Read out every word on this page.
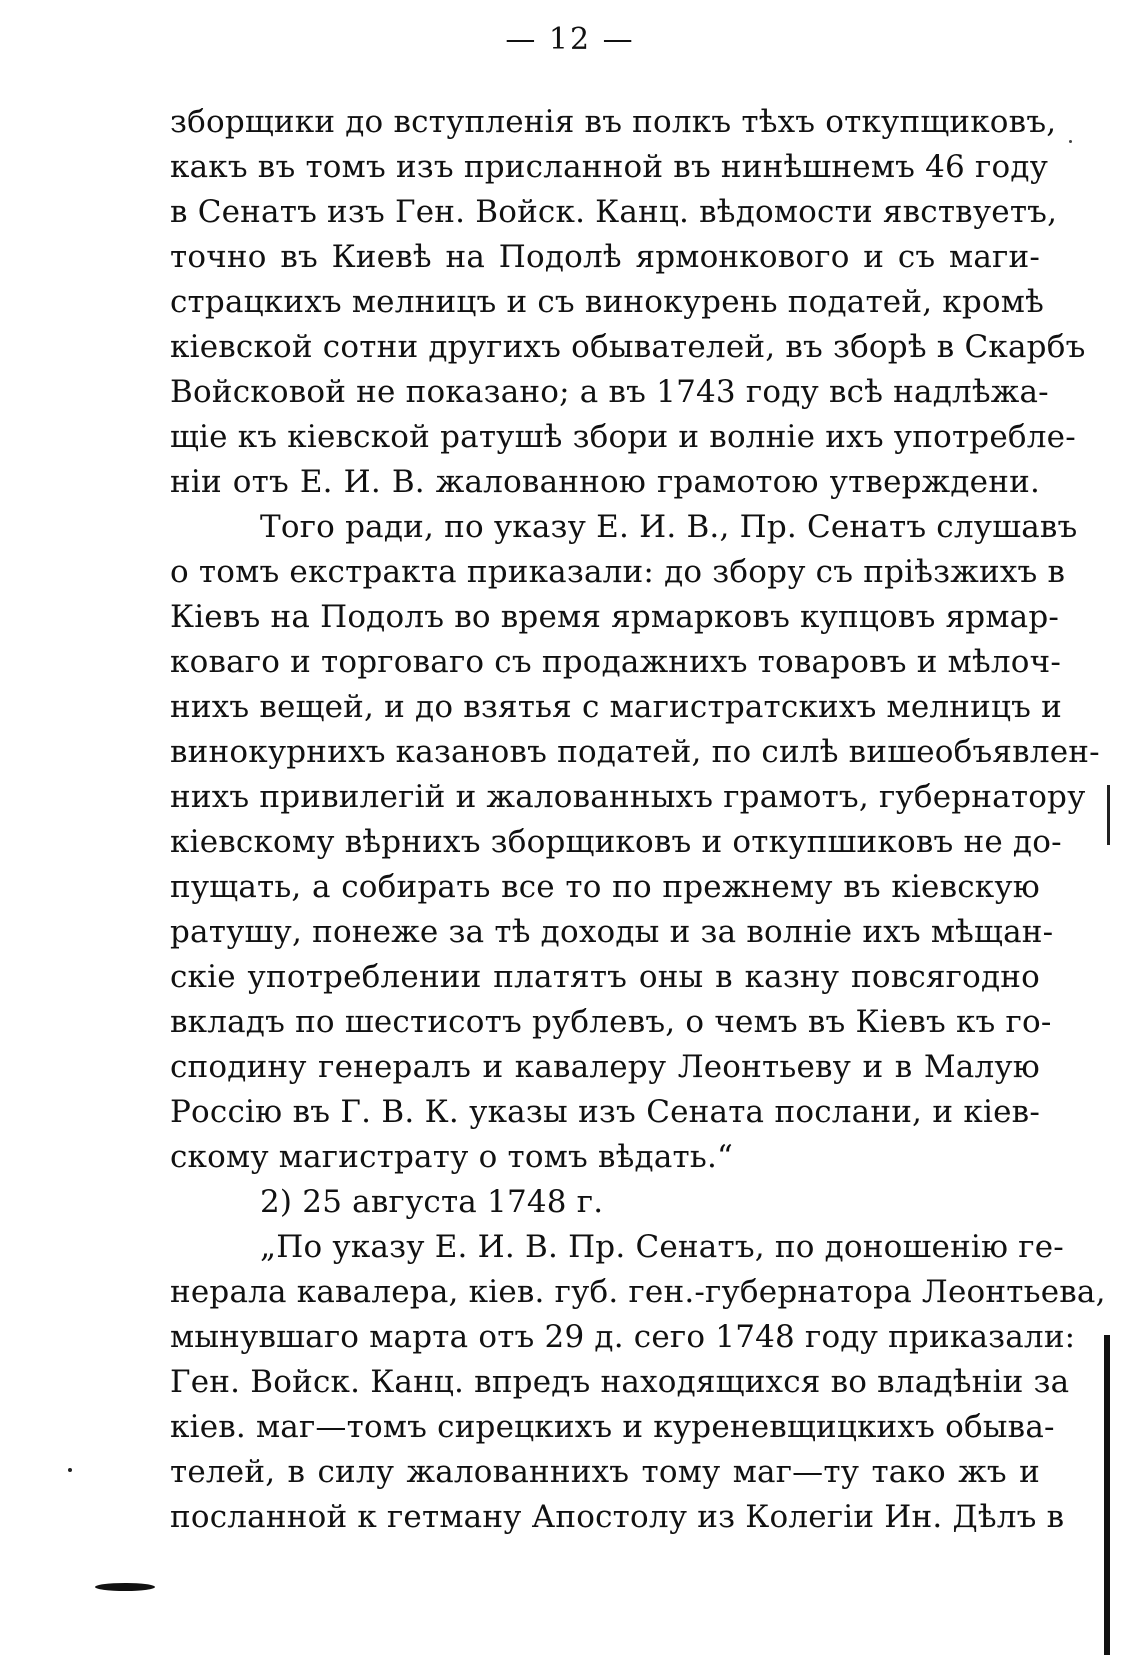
— 12 —
зборщики до вступленія въ полкъ тѣхъ откупщиковъ,
какъ въ томъ изъ присланной въ нинѣшнемъ 46 году
в Сенатъ изъ Ген. Войск. Канц. вѣдомости явствуетъ,
точно въ Киевѣ на Подолѣ ярмонкового и съ маги-
страцкихъ мелницъ и съ винокурень податей, кромѣ
кіевской сотни другихъ обывателей, въ зборѣ в Скарбъ
Войсковой не показано; а въ 1743 году всѣ надлѣжа-
щіе къ кіевской ратушѣ збори и волніе ихъ употребле-
ніи отъ Е. И. В. жалованною грамотою утверждени.
Того ради, по указу Е. И. В., Пр. Сенатъ слушавъ
о томъ екстракта приказали: до збору съ пріѣзжихъ в
Кіевъ на Подолъ во время ярмарковъ купцовъ ярмар-
коваго и торговаго съ продажнихъ товаровъ и мѣлоч-
нихъ вещей, и до взятья с магистратскихъ мелницъ и
винокурнихъ казановъ податей, по силѣ вишеобъявлен-
нихъ привилегій и жалованныхъ грамотъ, губернатору
кіевскому вѣрнихъ зборщиковъ и откупшиковъ не до-
пущать, а собирать все то по прежнему въ кіевскую
ратушу, понеже за тѣ доходы и за волніе ихъ мѣщан-
скіе употреблении платятъ оны в казну повсягодно
вкладъ по шестисотъ рублевъ, о чемъ въ Кіевъ къ го-
сподину генералъ и кавалеру Леонтьеву и в Малую
Россію въ Г. В. К. указы изъ Сената послани, и кіев-
скому магистрату о томъ вѣдать.“
2) 25 августа 1748 г.
„По указу Е. И. В. Пр. Сенатъ, по доношенію ге-
нерала кавалера, кіев. губ. ген.-губернатора Леонтьева,
мынувшаго марта отъ 29 д. сего 1748 году приказали:
Ген. Войск. Канц. впредъ находящихся во владѣніи за
кіев. маг—томъ сирецкихъ и куреневщицкихъ обыва-
телей, в силу жалованнихъ тому маг—ту тако жъ и
посланной к гетману Апостолу из Колегіи Ин. Дѣлъ в
